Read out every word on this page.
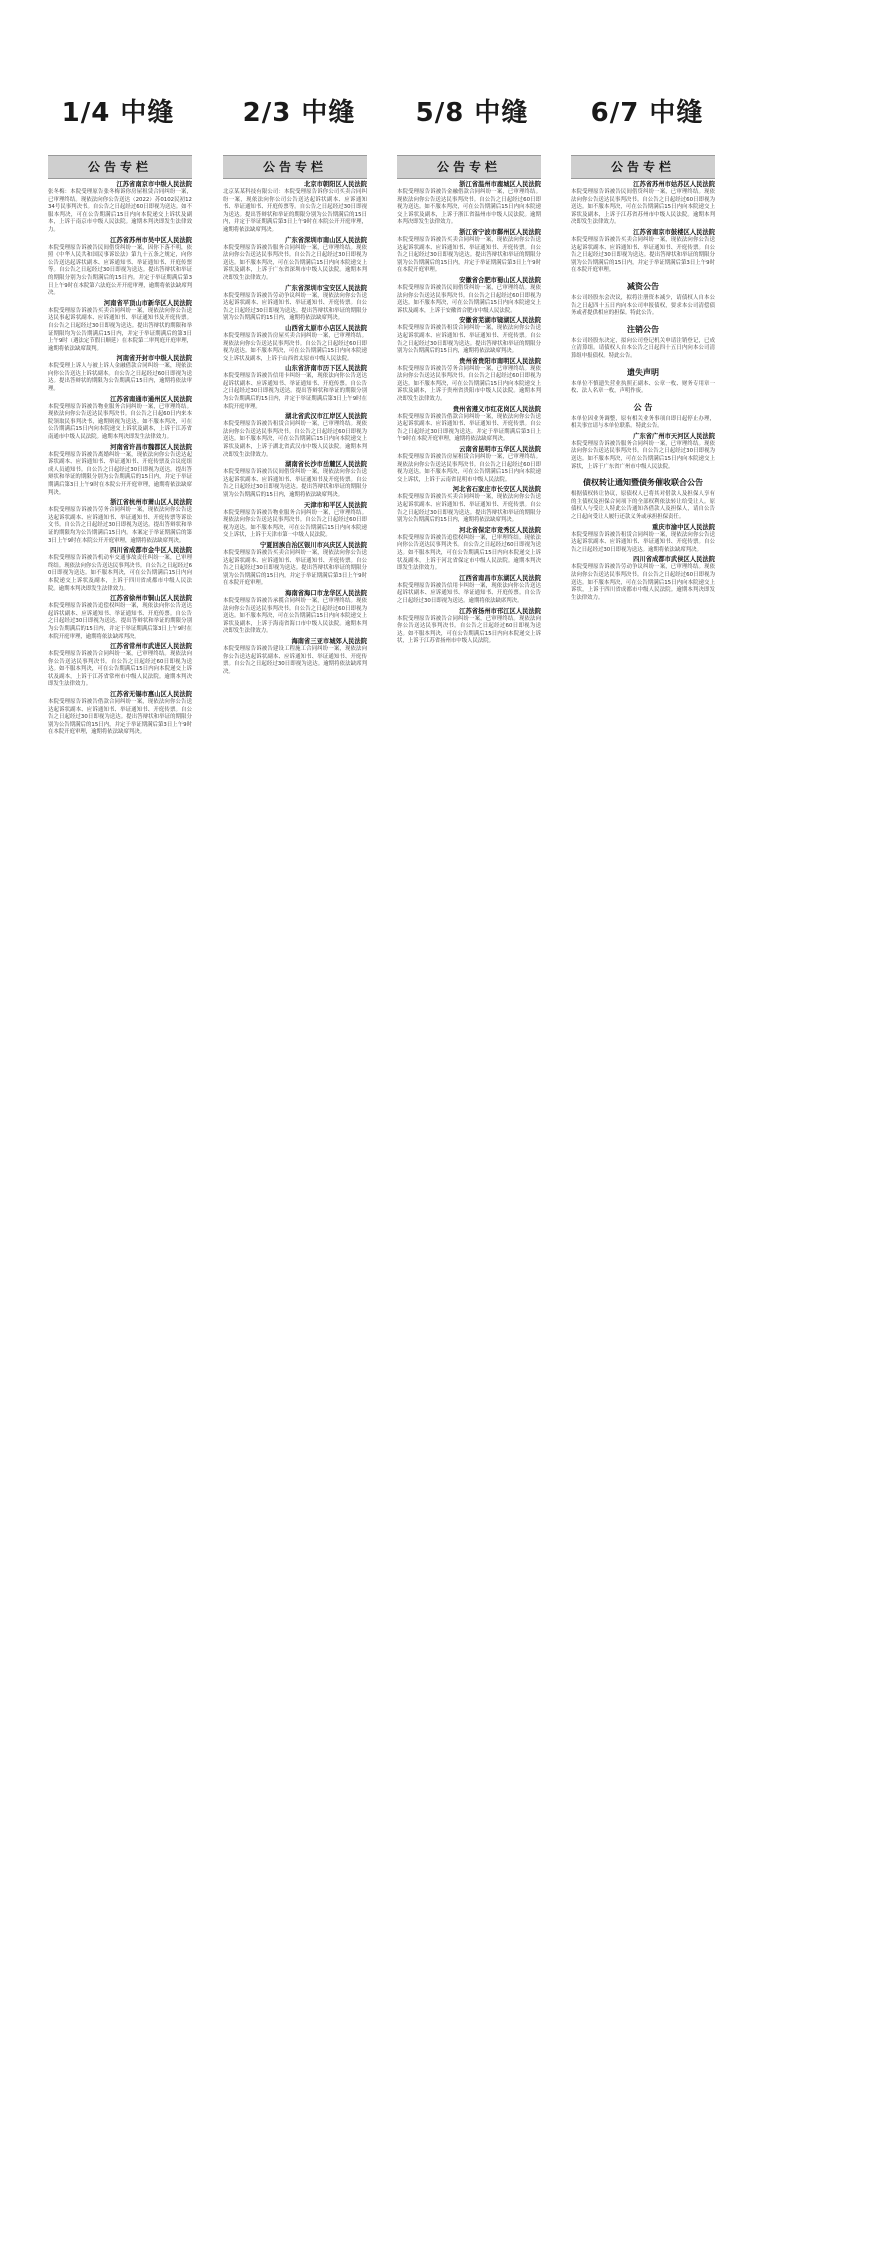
1/4 中缝	2/3 中缝	5/8 中缝	6/7 中缝
公告专栏
江苏省南京市中级人民法院

张冬梅：本院受理原告张冬梅诉你房屋租赁合同纠纷一案，已审理终结。现依法向你公告送达（2022）苏0102民初1234号民事判决书。自公告之日起经过60日即视为送达。如不服本判决，可在公告期满后15日内向本院递交上诉状及副本，上诉于南京市中级人民法院。逾期本判决即发生法律效力。

江苏省苏州市吴中区人民法院

本院受理原告诉被告民间借贷纠纷一案，因你下落不明，依照《中华人民共和国民事诉讼法》第九十五条之规定，向你公告送达起诉状副本、应诉通知书、举证通知书、开庭传票等。自公告之日起经过30日即视为送达。提出答辩状和举证的期限分别为公告期满后的15日内。并定于举证期满后第3日上午9时在本院第六法庭公开开庭审理，逾期将依法缺席判决。

河南省平顶山市新华区人民法院

本院受理原告诉被告买卖合同纠纷一案，现依法向你公告送达民事起诉状副本、应诉通知书、举证通知书及开庭传票。自公告之日起经过30日即视为送达。提出答辩状的期限和举证期限均为公告期满后15日内，并定于举证期满后的第3日上午9时（遇法定节假日顺延）在本院第二审判庭开庭审理，逾期将依法缺席裁判。

河南省开封市中级人民法院

本院受理上诉人与被上诉人金融借款合同纠纷一案，现依法向你公告送达上诉状副本。自公告之日起经过60日即视为送达。提出答辩状的期限为公告期满后15日内，逾期将依法审理。

江苏省南通市通州区人民法院

本院受理原告诉被告物业服务合同纠纷一案，已审理终结。现依法向你公告送达民事判决书。自公告之日起60日内来本院领取民事判决书，逾期则视为送达。如不服本判决，可在公告期满后15日内向本院递交上诉状及副本，上诉于江苏省南通市中级人民法院。逾期本判决即发生法律效力。

河南省许昌市魏都区人民法院

本院受理原告诉被告离婚纠纷一案，现依法向你公告送达起诉状副本、应诉通知书、举证通知书、开庭传票及合议庭组成人员通知书。自公告之日起经过30日即视为送达。提出答辩状和举证的期限分别为公告期满后的15日内，并定于举证期满后第3日上午9时在本院公开开庭审理，逾期将依法缺席判决。

浙江省杭州市萧山区人民法院

本院受理原告诉被告劳务合同纠纷一案，现依法向你公告送达起诉状副本、应诉通知书、举证通知书、开庭传票等诉讼文书。自公告之日起经过30日即视为送达。提出答辩状和举证的期限均为公告期满后15日内。本案定于举证期满后的第3日上午9时在本院公开开庭审理，逾期将依法缺席判决。

四川省成都市金牛区人民法院

本院受理原告诉被告机动车交通事故责任纠纷一案，已审理终结。现依法向你公告送达民事判决书。自公告之日起经过60日即视为送达。如不服本判决，可在公告期满后15日内向本院递交上诉状及副本，上诉于四川省成都市中级人民法院。逾期本判决即发生法律效力。

江苏省徐州市铜山区人民法院

本院受理原告诉被告追偿权纠纷一案，现依法向你公告送达起诉状副本、应诉通知书、举证通知书、开庭传票。自公告之日起经过30日即视为送达。提出答辩状和举证的期限分别为公告期满后的15日内，并定于举证期满后第3日上午9时在本院开庭审理，逾期将依法缺席判决。

江苏省常州市武进区人民法院

本院受理原告诉被告合同纠纷一案，已审理终结。现依法向你公告送达民事判决书。自公告之日起经过60日即视为送达。如不服本判决，可在公告期满后15日内向本院递交上诉状及副本，上诉于江苏省常州市中级人民法院。逾期本判决即发生法律效力。

江苏省无锡市惠山区人民法院

本院受理原告诉被告借款合同纠纷一案，现依法向你公告送达起诉状副本、应诉通知书、举证通知书、开庭传票。自公告之日起经过30日即视为送达。提出答辩状和举证的期限分别为公告期满后的15日内，并定于举证期满后第3日上午9时在本院开庭审理，逾期将依法缺席判决。

公告专栏
北京市朝阳区人民法院

北京某某科技有限公司：本院受理原告诉你公司买卖合同纠纷一案，现依法向你公司公告送达起诉状副本、应诉通知书、举证通知书、开庭传票等。自公告之日起经过30日即视为送达。提出答辩状和举证的期限分别为公告期满后的15日内，并定于举证期满后第3日上午9时在本院公开开庭审理，逾期将依法缺席判决。

广东省深圳市南山区人民法院

本院受理原告诉被告服务合同纠纷一案，已审理终结。现依法向你公告送达民事判决书。自公告之日起经过30日即视为送达。如不服本判决，可在公告期满后15日内向本院递交上诉状及副本，上诉于广东省深圳市中级人民法院。逾期本判决即发生法律效力。

广东省深圳市宝安区人民法院

本院受理原告诉被告劳动争议纠纷一案，现依法向你公告送达起诉状副本、应诉通知书、举证通知书、开庭传票。自公告之日起经过30日即视为送达。提出答辩状和举证的期限分别为公告期满后的15日内，逾期将依法缺席判决。

山西省太原市小店区人民法院

本院受理原告诉被告房屋买卖合同纠纷一案，已审理终结。现依法向你公告送达民事判决书。自公告之日起经过60日即视为送达。如不服本判决，可在公告期满后15日内向本院递交上诉状及副本，上诉于山西省太原市中级人民法院。

山东省济南市历下区人民法院

本院受理原告诉被告信用卡纠纷一案，现依法向你公告送达起诉状副本、应诉通知书、举证通知书、开庭传票。自公告之日起经过30日即视为送达。提出答辩状和举证的期限分别为公告期满后的15日内，并定于举证期满后第3日上午9时在本院开庭审理。

湖北省武汉市江岸区人民法院

本院受理原告诉被告租赁合同纠纷一案，已审理终结。现依法向你公告送达民事判决书。自公告之日起经过60日即视为送达。如不服本判决，可在公告期满后15日内向本院递交上诉状及副本，上诉于湖北省武汉市中级人民法院。逾期本判决即发生法律效力。

湖南省长沙市岳麓区人民法院

本院受理原告诉被告民间借贷纠纷一案，现依法向你公告送达起诉状副本、应诉通知书、举证通知书及开庭传票。自公告之日起经过30日即视为送达。提出答辩状和举证的期限分别为公告期满后的15日内，逾期将依法缺席判决。

天津市和平区人民法院

本院受理原告诉被告物业服务合同纠纷一案，已审理终结。现依法向你公告送达民事判决书。自公告之日起经过60日即视为送达。如不服本判决，可在公告期满后15日内向本院递交上诉状，上诉于天津市第一中级人民法院。

宁夏回族自治区银川市兴庆区人民法院

本院受理原告诉被告买卖合同纠纷一案，现依法向你公告送达起诉状副本、应诉通知书、举证通知书、开庭传票。自公告之日起经过30日即视为送达。提出答辩状和举证的期限分别为公告期满后的15日内，并定于举证期满后第3日上午9时在本院开庭审理。

海南省海口市龙华区人民法院

本院受理原告诉被告承揽合同纠纷一案，已审理终结。现依法向你公告送达民事判决书。自公告之日起经过60日即视为送达。如不服本判决，可在公告期满后15日内向本院递交上诉状及副本，上诉于海南省海口市中级人民法院。逾期本判决即发生法律效力。

海南省三亚市城郊人民法院

本院受理原告诉被告建设工程施工合同纠纷一案，现依法向你公告送达起诉状副本、应诉通知书、举证通知书、开庭传票。自公告之日起经过30日即视为送达。逾期将依法缺席判决。

公告专栏
浙江省温州市鹿城区人民法院

本院受理原告诉被告金融借款合同纠纷一案，已审理终结。现依法向你公告送达民事判决书。自公告之日起经过60日即视为送达。如不服本判决，可在公告期满后15日内向本院递交上诉状及副本，上诉于浙江省温州市中级人民法院。逾期本判决即发生法律效力。

浙江省宁波市鄞州区人民法院

本院受理原告诉被告买卖合同纠纷一案，现依法向你公告送达起诉状副本、应诉通知书、举证通知书、开庭传票。自公告之日起经过30日即视为送达。提出答辩状和举证的期限分别为公告期满后的15日内，并定于举证期满后第3日上午9时在本院开庭审理。

安徽省合肥市蜀山区人民法院

本院受理原告诉被告民间借贷纠纷一案，已审理终结。现依法向你公告送达民事判决书。自公告之日起经过60日即视为送达。如不服本判决，可在公告期满后15日内向本院递交上诉状及副本，上诉于安徽省合肥市中级人民法院。

安徽省芜湖市镜湖区人民法院

本院受理原告诉被告租赁合同纠纷一案，现依法向你公告送达起诉状副本、应诉通知书、举证通知书、开庭传票。自公告之日起经过30日即视为送达。提出答辩状和举证的期限分别为公告期满后的15日内，逾期将依法缺席判决。

贵州省贵阳市南明区人民法院

本院受理原告诉被告劳务合同纠纷一案，已审理终结。现依法向你公告送达民事判决书。自公告之日起经过60日即视为送达。如不服本判决，可在公告期满后15日内向本院递交上诉状及副本，上诉于贵州省贵阳市中级人民法院。逾期本判决即发生法律效力。

贵州省遵义市红花岗区人民法院

本院受理原告诉被告借款合同纠纷一案，现依法向你公告送达起诉状副本、应诉通知书、举证通知书、开庭传票。自公告之日起经过30日即视为送达。并定于举证期满后第3日上午9时在本院开庭审理，逾期将依法缺席判决。

云南省昆明市五华区人民法院

本院受理原告诉被告房屋租赁合同纠纷一案，已审理终结。现依法向你公告送达民事判决书。自公告之日起经过60日即视为送达。如不服本判决，可在公告期满后15日内向本院递交上诉状，上诉于云南省昆明市中级人民法院。

河北省石家庄市长安区人民法院

本院受理原告诉被告买卖合同纠纷一案，现依法向你公告送达起诉状副本、应诉通知书、举证通知书、开庭传票。自公告之日起经过30日即视为送达。提出答辩状和举证的期限分别为公告期满后的15日内，逾期将依法缺席判决。

河北省保定市竞秀区人民法院

本院受理原告诉被告追偿权纠纷一案，已审理终结。现依法向你公告送达民事判决书。自公告之日起经过60日即视为送达。如不服本判决，可在公告期满后15日内向本院递交上诉状及副本，上诉于河北省保定市中级人民法院。逾期本判决即发生法律效力。

江西省南昌市东湖区人民法院

本院受理原告诉被告信用卡纠纷一案，现依法向你公告送达起诉状副本、应诉通知书、举证通知书、开庭传票。自公告之日起经过30日即视为送达。逾期将依法缺席判决。

江苏省扬州市邗江区人民法院

本院受理原告诉被告合同纠纷一案，已审理终结。现依法向你公告送达民事判决书。自公告之日起经过60日即视为送达。如不服本判决，可在公告期满后15日内向本院递交上诉状，上诉于江苏省扬州市中级人民法院。

公告专栏
江苏省苏州市姑苏区人民法院

本院受理原告诉被告民间借贷纠纷一案，已审理终结。现依法向你公告送达民事判决书。自公告之日起经过60日即视为送达。如不服本判决，可在公告期满后15日内向本院递交上诉状及副本，上诉于江苏省苏州市中级人民法院。逾期本判决即发生法律效力。

江苏省南京市鼓楼区人民法院

本院受理原告诉被告买卖合同纠纷一案，现依法向你公告送达起诉状副本、应诉通知书、举证通知书、开庭传票。自公告之日起经过30日即视为送达。提出答辩状和举证的期限分别为公告期满后的15日内，并定于举证期满后第3日上午9时在本院开庭审理。

减资公告

本公司经股东会决议，拟将注册资本减少，请债权人自本公告之日起四十五日内向本公司申报债权，要求本公司清偿债务或者提供相应的担保。特此公告。

注销公告

本公司经股东决定，拟向公司登记机关申请注销登记，已成立清算组。请债权人自本公告之日起四十五日内向本公司清算组申报债权。特此公告。

遗失声明

本单位不慎遗失营业执照正副本、公章一枚、财务专用章一枚、法人名章一枚，声明作废。

公 告

本单位因业务调整，原有相关业务事项自即日起停止办理，相关事宜请与本单位联系。特此公告。

广东省广州市天河区人民法院

本院受理原告诉被告服务合同纠纷一案，已审理终结。现依法向你公告送达民事判决书。自公告之日起经过30日即视为送达。如不服本判决，可在公告期满后15日内向本院递交上诉状，上诉于广东省广州市中级人民法院。

债权转让通知暨债务催收联合公告

根据债权转让协议，原债权人已将其对借款人及担保人享有的主债权及担保合同项下的全部权利依法转让给受让人。原债权人与受让人特此公告通知各借款人及担保人，请自公告之日起向受让人履行还款义务或承担担保责任。

重庆市渝中区人民法院

本院受理原告诉被告租赁合同纠纷一案，现依法向你公告送达起诉状副本、应诉通知书、举证通知书、开庭传票。自公告之日起经过30日即视为送达。逾期将依法缺席判决。

四川省成都市武侯区人民法院

本院受理原告诉被告劳动争议纠纷一案，已审理终结。现依法向你公告送达民事判决书。自公告之日起经过60日即视为送达。如不服本判决，可在公告期满后15日内向本院递交上诉状，上诉于四川省成都市中级人民法院。逾期本判决即发生法律效力。
